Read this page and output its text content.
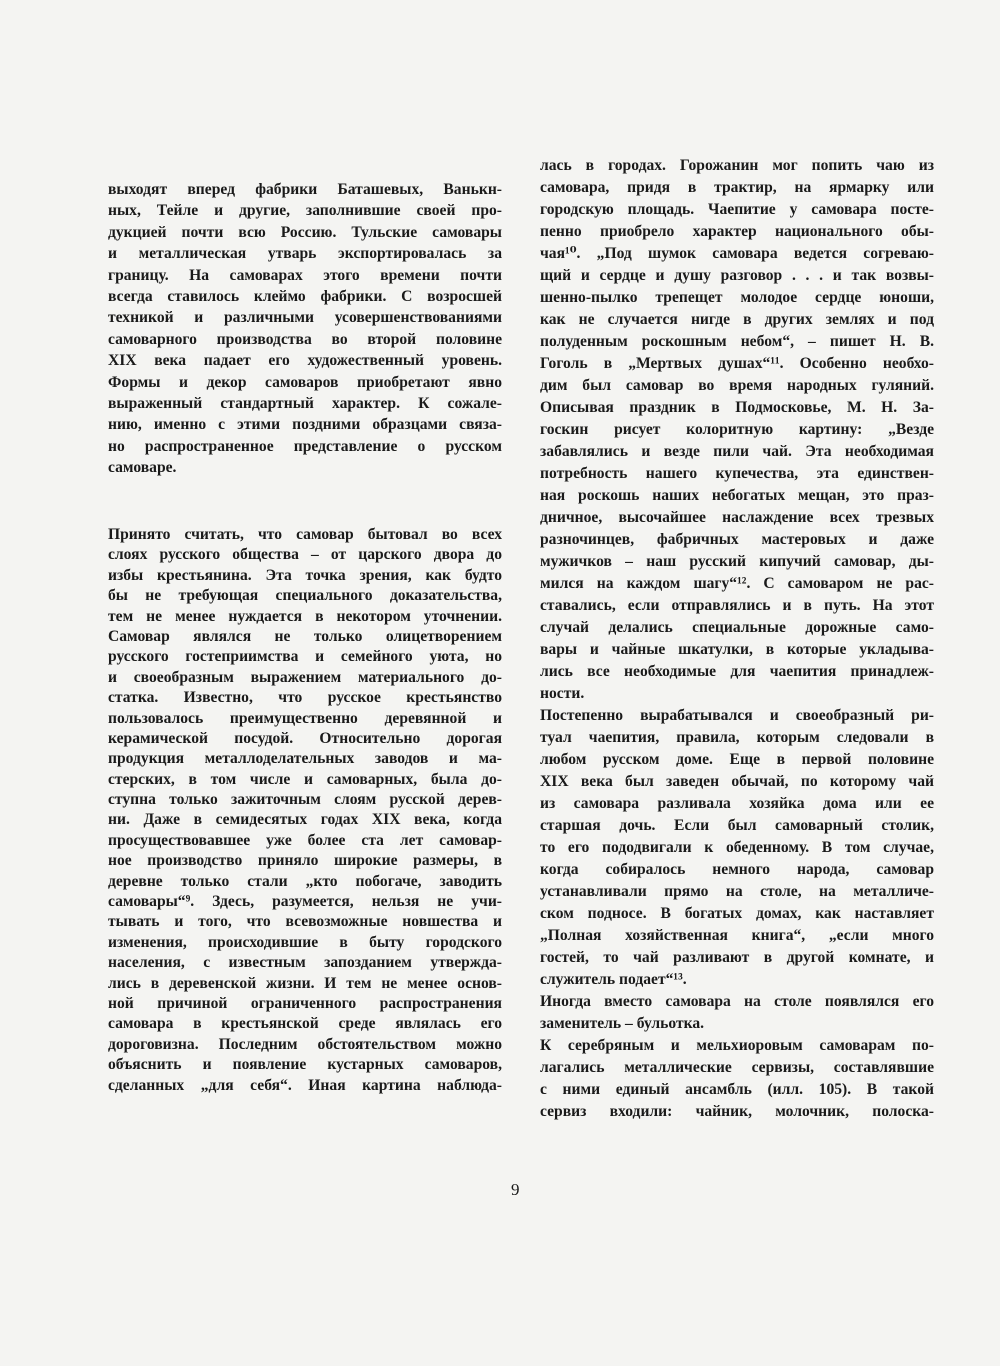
выходят вперед фабрики Баташевых, Ванькн-
ных, Тейле и другие, заполнившие своей про-
дукцией почти всю Россию. Тульские самовары
и металлическая утварь экспортировалась за
границу. На самоварах этого времени почти
всегда ставилось клеймо фабрики. С возросшей
техникой и различными усовершенствованиями
самоварного производства во второй половине
XIX века падает его художественный уровень.
Формы и декор самоваров приобретают явно
выраженный стандартный характер. К сожале-
нию, именно с этими поздними образцами связа-
но распространенное представление о русском
самоваре.
Принято считать, что самовар бытовал во всех
слоях русского общества – от царского двора до
избы крестьянина. Эта точка зрения, как будто
бы не требующая специального доказательства,
тем не менее нуждается в некотором уточнении.
Самовар являлся не только олицетворением
русского гостеприимства и семейного уюта, но
и своеобразным выражением материального до-
статка. Известно, что русское крестьянство
пользовалось преимущественно деревянной и
керамической посудой. Относительно дорогая
продукция металлоделательных заводов и ма-
стерских, в том числе и самоварных, была до-
ступна только зажиточным слоям русской дерев-
ни. Даже в семидесятых годах XIX века, когда
просуществовавшее уже более ста лет самовар-
ное производство приняло широкие размеры, в
деревне только стали „кто побогаче, заводить
самовары“⁹. Здесь, разумеется, нельзя не учи-
тывать и того, что всевозможные новшества и
изменения, происходившие в быту городского
населения, с известным запозданием утвержда-
лись в деревенской жизни. И тем не менее основ-
ной причиной ограниченного распространения
самовара в крестьянской среде являлась его
дороговизна. Последним обстоятельством можно
объяснить и появление кустарных самоваров,
сделанных „для себя“. Иная картина наблюда-
лась в городах. Горожанин мог попить чаю из
самовара, придя в трактир, на ярмарку или
городскую площадь. Чаепитие у самовара посте-
пенно приобрело характер национального обы-
чая¹⁰. „Под шумок самовара ведется согреваю-
щий и сердце и душу разговор . . . и так возвы-
шенно-пылко трепещет молодое сердце юноши,
как не случается нигде в других землях и под
полуденным роскошным небом“, – пишет Н. В.
Гоголь в „Мертвых душах“¹¹. Особенно необхо-
дим был самовар во время народных гуляний.
Описывая праздник в Подмосковье, М. Н. За-
госкин рисует колоритную картину: „Везде
забавлялись и везде пили чай. Эта необходимая
потребность нашего купечества, эта единствен-
ная роскошь наших небогатых мещан, это праз-
дничное, высочайшее наслаждение всех трезвых
разночинцев, фабричных мастеровых и даже
мужичков – наш русский кипучий самовар, ды-
мился на каждом шагу“¹². С самоваром не рас-
ставались, если отправлялись и в путь. На этот
случай делались специальные дорожные само-
вары и чайные шкатулки, в которые укладыва-
лись все необходимые для чаепития принадлеж-
ности.
Постепенно вырабатывался и своеобразный ри-
туал чаепития, правила, которым следовали в
любом русском доме. Еще в первой половине
XIX века был заведен обычай, по которому чай
из самовара разливала хозяйка дома или ее
старшая дочь. Если был самоварный столик,
то его пододвигали к обеденному. В том случае,
когда собиралось немного народа, самовар
устанавливали прямо на столе, на металличе-
ском подносе. В богатых домах, как наставляет
„Полная хозяйственная книга“, „если много
гостей, то чай разливают в другой комнате, и
служитель подает“¹³.
Иногда вместо самовара на столе появлялся его
заменитель – бульотка.
К серебряным и мельхиоровым самоварам по-
лагались металлические сервизы, составлявшие
с ними единый ансамбль (илл. 105). В такой
сервиз входили: чайник, молочник, полоска-
9
